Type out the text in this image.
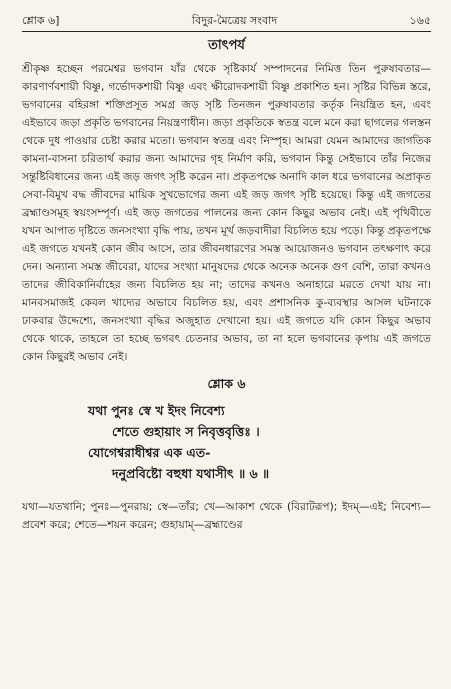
শ্লোক ৬]	বিদুর-মৈত্রেয় সংবাদ	১৬৫
তাৎপর্য

শ্রীকৃষ্ণ হচ্ছেন পরমেশ্বর ভগবান যাঁর থেকে সৃষ্টিকার্য সম্পাদনের নিমিত্ত তিন পুরুষাবতার—কারণার্ণবশায়ী বিষ্ণু, গর্ভোদকশায়ী বিষ্ণু এবং ক্ষীরোদকশায়ী বিষ্ণু প্রকাশিত হন। সৃষ্টির বিভিন্ন স্তরে, ভগবানের বহিরঙ্গা শক্তিপ্রসূত সমগ্র জড় সৃষ্টি তিনজন পুরুষাবতার কর্তৃক নিয়ন্ত্রিত হন, এবং এইভাবে জড়া প্রকৃতি ভগবানের নিয়ন্ত্রণাধীন। জড়া প্রকৃতিকে স্বতন্ত্র বলে মনে করা ছাগলের গলস্তন থেকে দুধ পাওয়ার চেষ্টা করার মতো। ভগবান স্বতন্ত্র এবং নিস্পৃহ। আমরা যেমন আমাদের জাগতিক কামনা-বাসনা চরিতার্থ করার জন্য আমাদের গৃহ নির্মাণ করি, ভগবান কিন্তু সেইভাবে তাঁর নিজের সন্তুষ্টিবিধানের জন্য এই জড় জগৎ সৃষ্টি করেন না। প্রকৃতপক্ষে অনাদি কাল ধরে ভগবানের অপ্রাকৃত সেবা-বিমুখ বদ্ধ জীবদের মায়িক সুখভোগের জন্য এই জড় জগৎ সৃষ্টি হয়েছে। কিন্তু এই জগতের ব্রহ্মাণ্ডসমূহ স্বয়ংসম্পূর্ণ। এই জড় জগতের পালনের জন্য কোন কিছুর অভাব নেই। এই পৃথিবীতে যখন আপাত দৃষ্টিতে জনসংখ্যা বৃদ্ধি পায়, তখন মূর্খ জড়বাদীরা বিচলিত হয়ে পড়ে। কিন্তু প্রকৃতপক্ষে এই জগতে যখনই কোন জীব আসে, তার জীবনধারণের সমস্ত আয়োজনও ভগবান তৎক্ষণাৎ করে দেন। অন্যান্য সমস্ত জীবেরা, যাদের সংখ্যা মানুষদের থেকে অনেক অনেক গুণ বেশি, তারা কখনও তাদের জীবিকানির্বাহের জন্য বিচলিত হয় না; তাদের কখনও অনাহারে মরতে দেখা যায় না। মানবসমাজই কেবল খাদ্যের অভাবে বিচলিত হয়, এবং প্রশাসনিক কু-ব্যবস্থার আসল ঘটনাকে ঢাকবার উদ্দেশ্যে, জনসংখ্যা বৃদ্ধির অজুহাত দেখানো হয়। এই জগতে যদি কোন কিছুর অভাব থেকে থাকে, তাহলে তা হচ্ছে ভগবৎ চেতনার অভাব, তা না হলে ভগবানের কৃপায় এই জগতে কোন কিছুরই অভাব নেই।

শ্লোক ৬
যথা পুনঃ স্বে খ ইদং নিবেশ্য
শেতে গুহায়াং স নিবৃত্তবৃত্তিঃ ।
যোগেশ্বরাধীশ্বর এক এত-
দনুপ্রবিষ্টো বহুধা যথাসীৎ ॥ ৬ ॥
যথা—যতখানি; পুনঃ—পুনরায়; স্বে—তাঁর; খে—আকাশ থেকে (বিরাটরূপ); ইদম্—এই; নিবেশ্য—প্রবেশ করে; শেতে—শয়ন করেন; গুহায়াম্—ব্রহ্মাণ্ডের
